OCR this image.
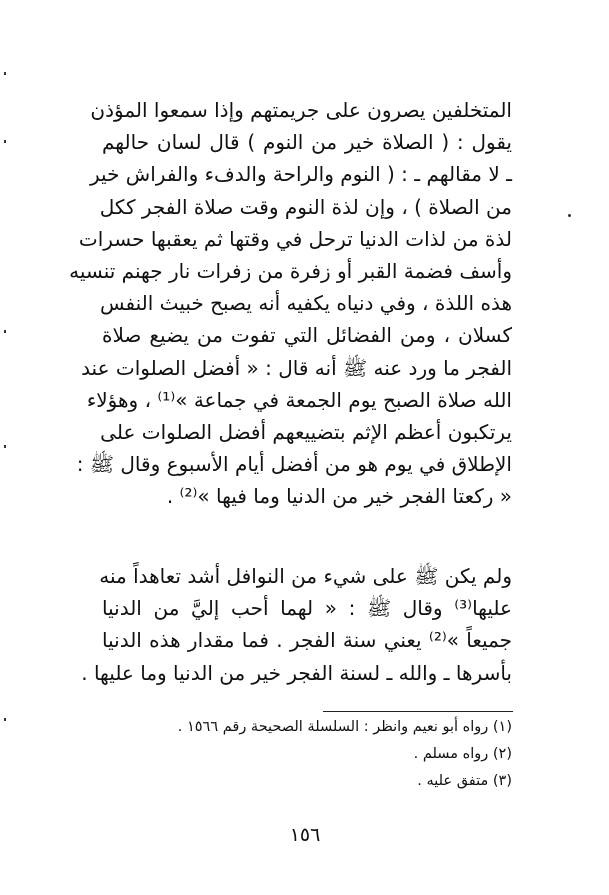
المتخلفين يصرون على جريمتهم وإذا سمعوا المؤذن
يقول : ( الصلاة خير من النوم ) قال لسان حالهم
ـ لا مقالهم ـ : ( النوم والراحة والدفء والفراش خير
من الصلاة ) ، وإن لذة النوم وقت صلاة الفجر ككل
لذة من لذات الدنيا ترحل في وقتها ثم يعقبها حسرات
وأسف فضمة القبر أو زفرة من زفرات نار جهنم تنسيه
هذه اللذة ، وفي دنياه يكفيه أنه يصبح خبيث النفس
كسلان ، ومن الفضائل التي تفوت من يضيع صلاة
الفجر ما ورد عنه ﷺ أنه قال : « أفضل الصلوات عند
الله صلاة الصبح يوم الجمعة في جماعة »⁽¹⁾ ، وهؤلاء
يرتكبون أعظم الإثم بتضييعهم أفضل الصلوات على
الإطلاق في يوم هو من أفضل أيام الأسبوع وقال ﷺ :
« ركعتا الفجر خير من الدنيا وما فيها »⁽²⁾ .
ولم يكن ﷺ على شيء من النوافل أشد تعاهداً منه
عليها⁽³⁾ وقال ﷺ : « لهما أحب إليَّ من الدنيا
جميعاً »⁽²⁾ يعني سنة الفجر . فما مقدار هذه الدنيا
بأسرها ـ والله ـ لسنة الفجر خير من الدنيا وما عليها .
(١) رواه أبو نعيم وانظر : السلسلة الصحيحة رقم ١٥٦٦ .
(٢) رواه مسلم .
(٣) متفق عليه .
١٥٦
